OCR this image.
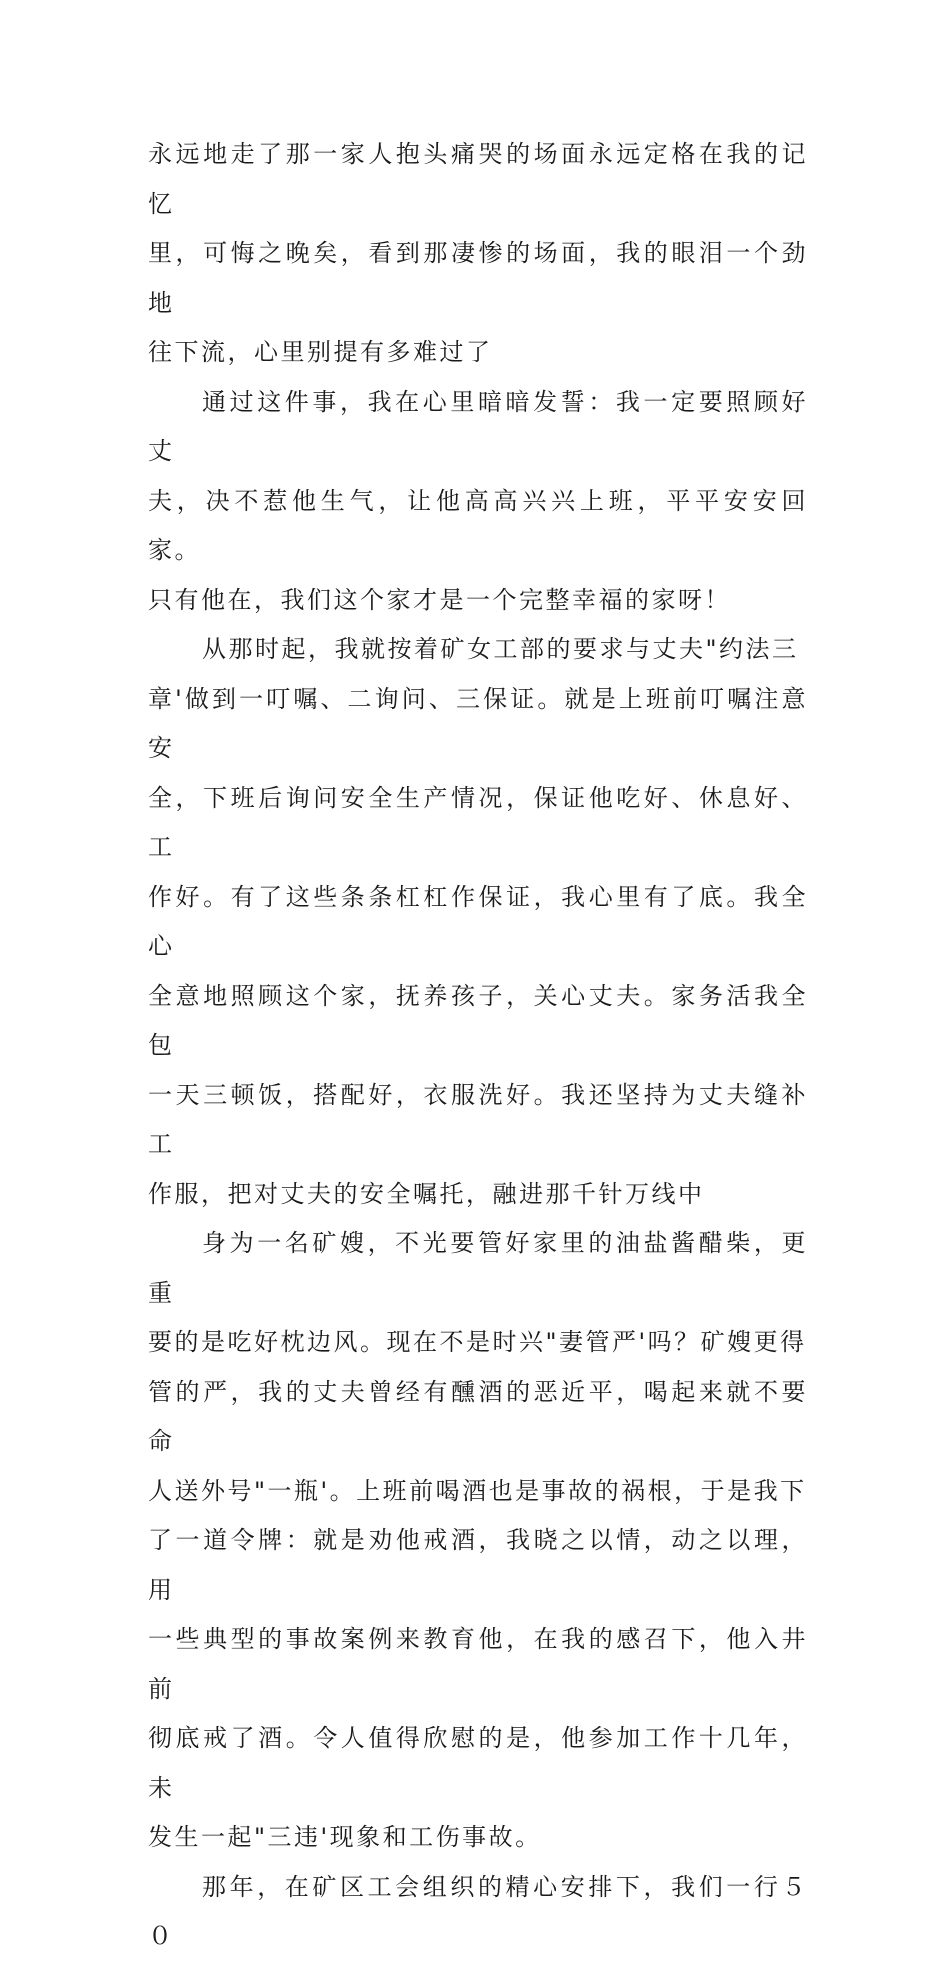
永远地走了那一家人抱头痛哭的场面永远定格在我的记忆
里，可悔之晚矣，看到那凄惨的场面，我的眼泪一个劲地
往下流，心里别提有多难过了

通过这件事，我在心里暗暗发誓：我一定要照顾好丈
夫，决不惹他生气，让他高高兴兴上班，平平安安回家。
只有他在，我们这个家才是一个完整幸福的家呀！

从那时起，我就按着矿女工部的要求与丈夫"约法三
章'做到一叮嘱、二询问、三保证。就是上班前叮嘱注意安
全，下班后询问安全生产情况，保证他吃好、休息好、工
作好。有了这些条条杠杠作保证，我心里有了底。我全心
全意地照顾这个家，抚养孩子，关心丈夫。家务活我全包
一天三顿饭，搭配好，衣服洗好。我还坚持为丈夫缝补工
作服，把对丈夫的安全嘱托，融进那千针万线中

身为一名矿嫂，不光要管好家里的油盐酱醋柴，更重
要的是吃好枕边风。现在不是时兴"妻管严'吗？矿嫂更得
管的严，我的丈夫曾经有醺酒的恶近平，喝起来就不要命
人送外号"一瓶'。上班前喝酒也是事故的祸根，于是我下
了一道令牌：就是劝他戒酒，我晓之以情，动之以理，用
一些典型的事故案例来教育他，在我的感召下，他入井前
彻底戒了酒。令人值得欣慰的是，他参加工作十几年，未
发生一起"三违'现象和工伤事故。

那年，在矿区工会组织的精心安排下，我们一行５０
